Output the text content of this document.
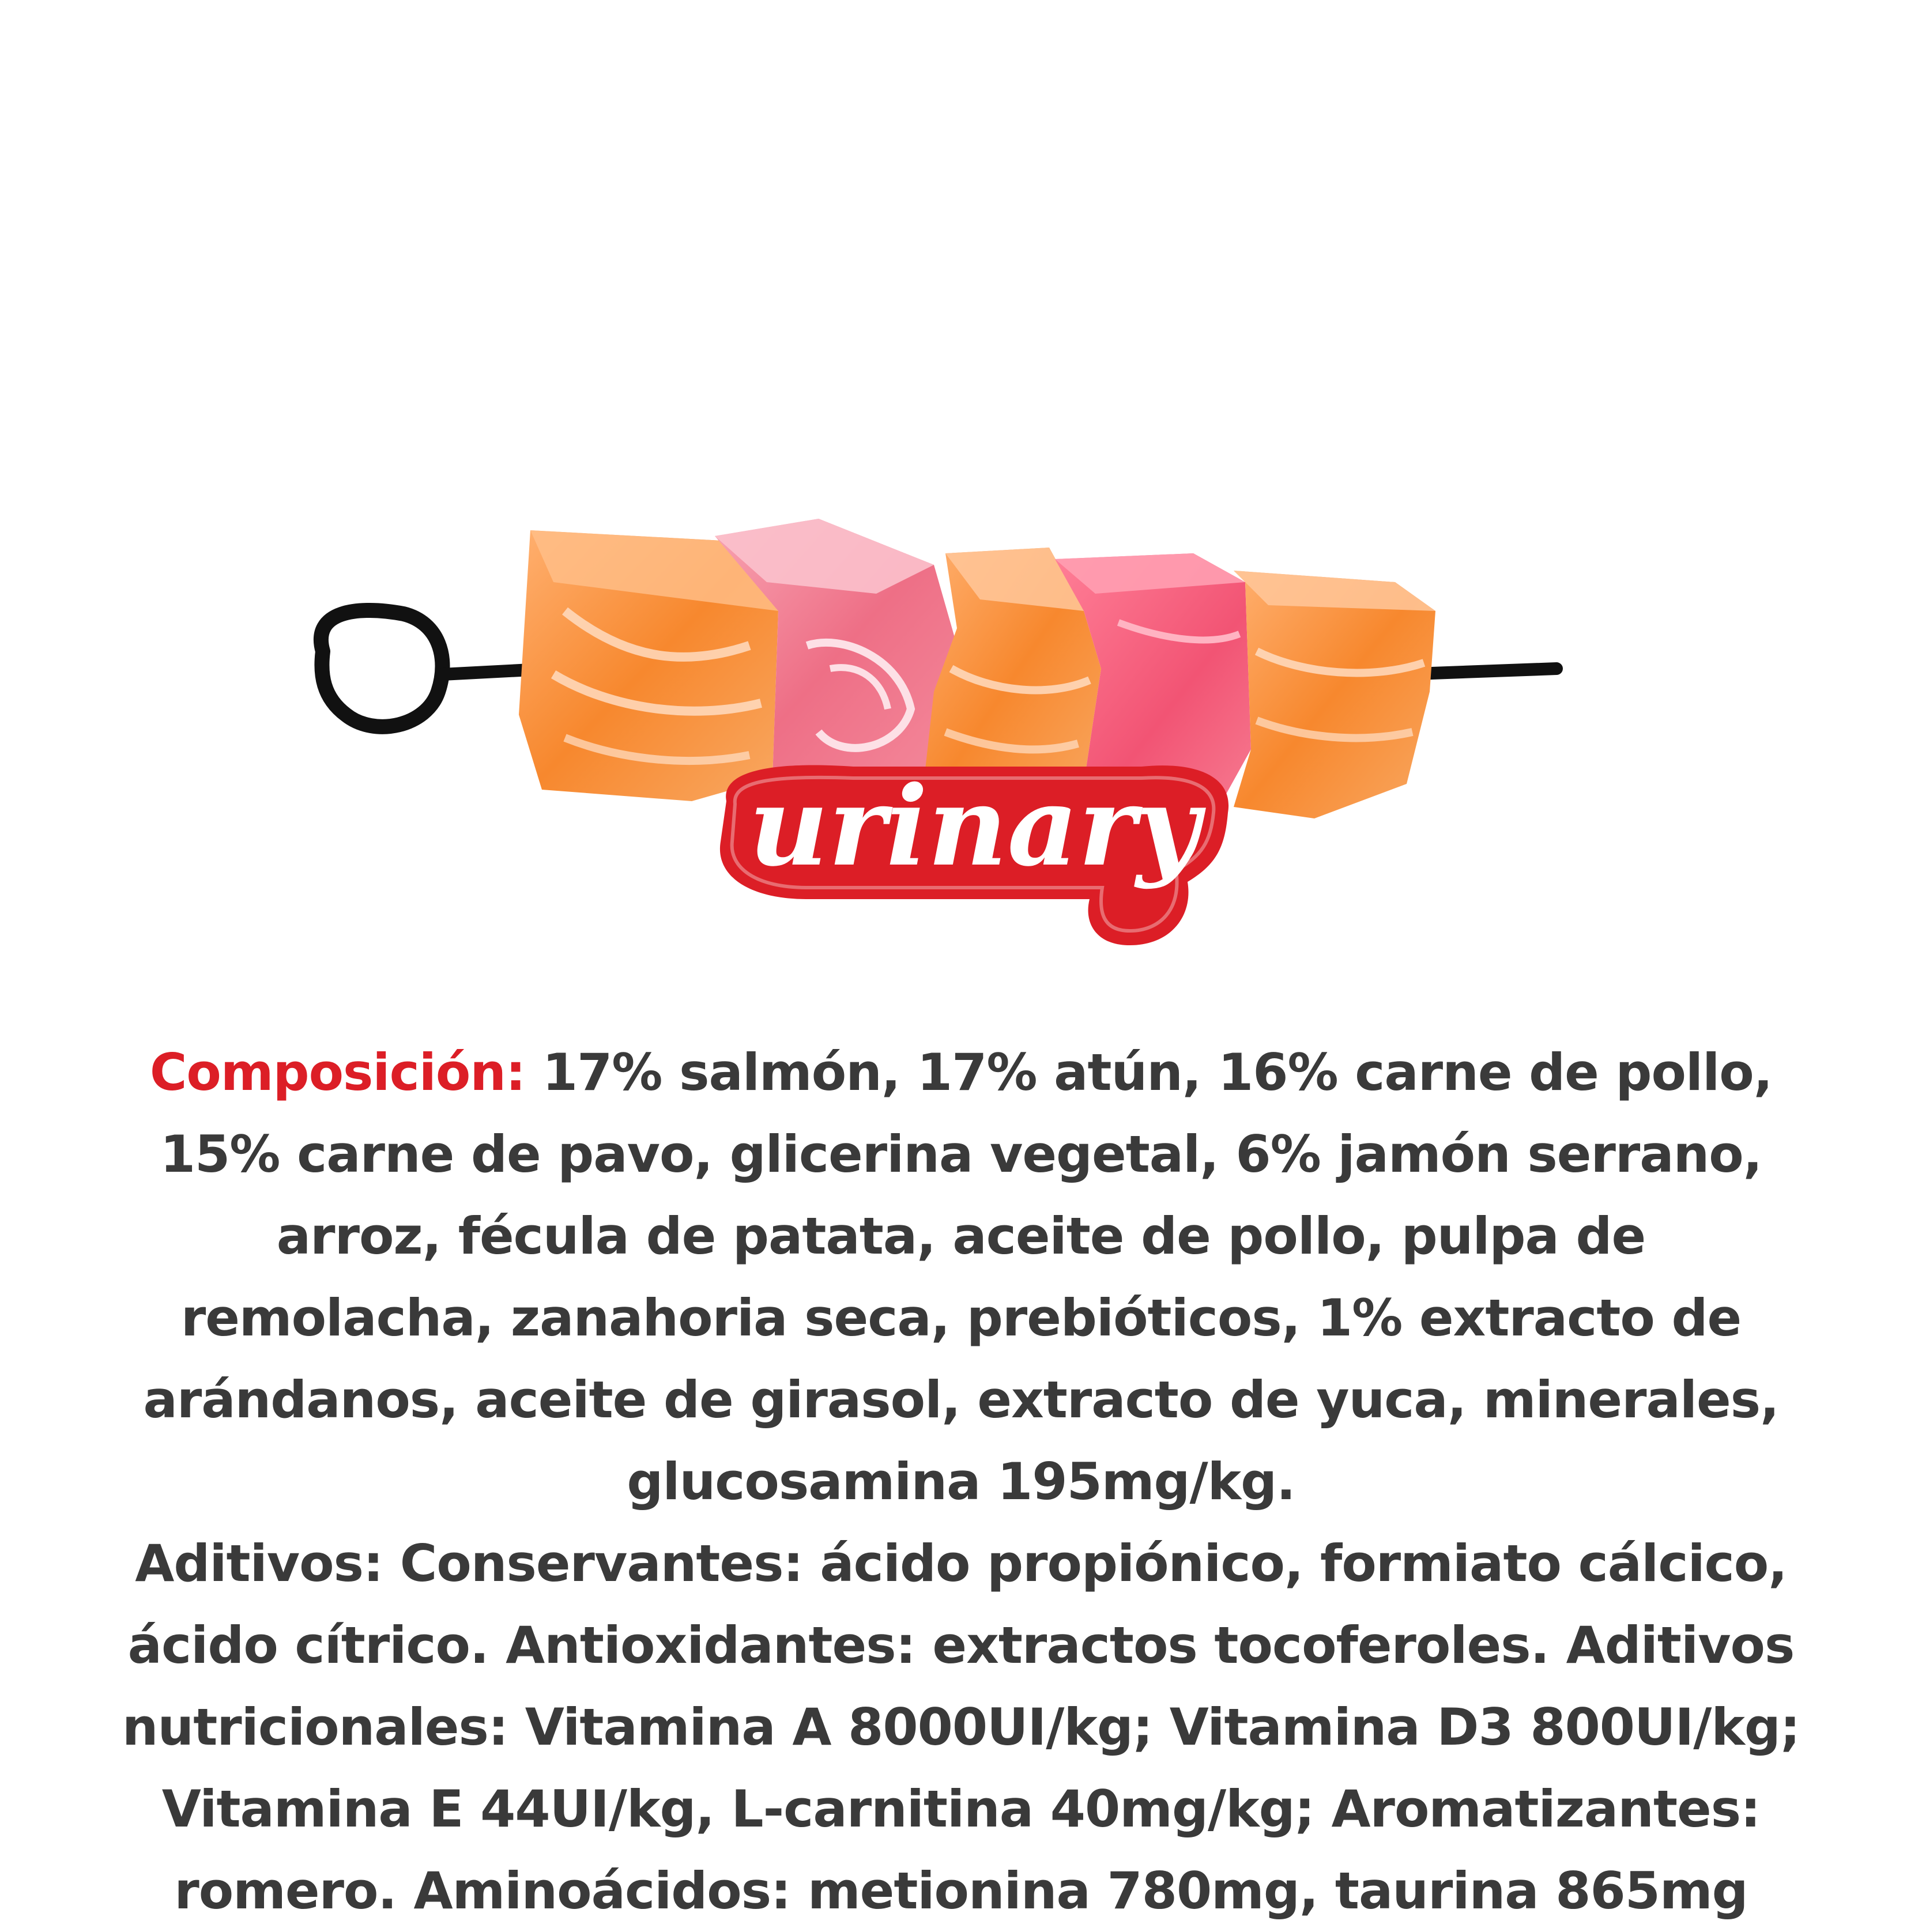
urinary

Composición: 17% salmón, 17% atún, 16% carne de pollo, 15% carne de pavo, glicerina vegetal, 6% jamón serrano, arroz, fécula de patata, aceite de pollo, pulpa de remolacha, zanahoria seca, prebióticos, 1% extracto de arándanos, aceite de girasol, extracto de yuca, minerales, glucosamina 195mg/kg.

Aditivos: Conservantes: ácido propiónico, formiato cálcico, ácido cítrico. Antioxidantes: extractos tocoferoles. Aditivos nutricionales: Vitamina A 8000UI/kg; Vitamina D3 800UI/kg; Vitamina E 44UI/kg, L-carnitina 40mg/kg; Aromatizantes: romero. Aminoácidos: metionina 780mg, taurina 865mg
